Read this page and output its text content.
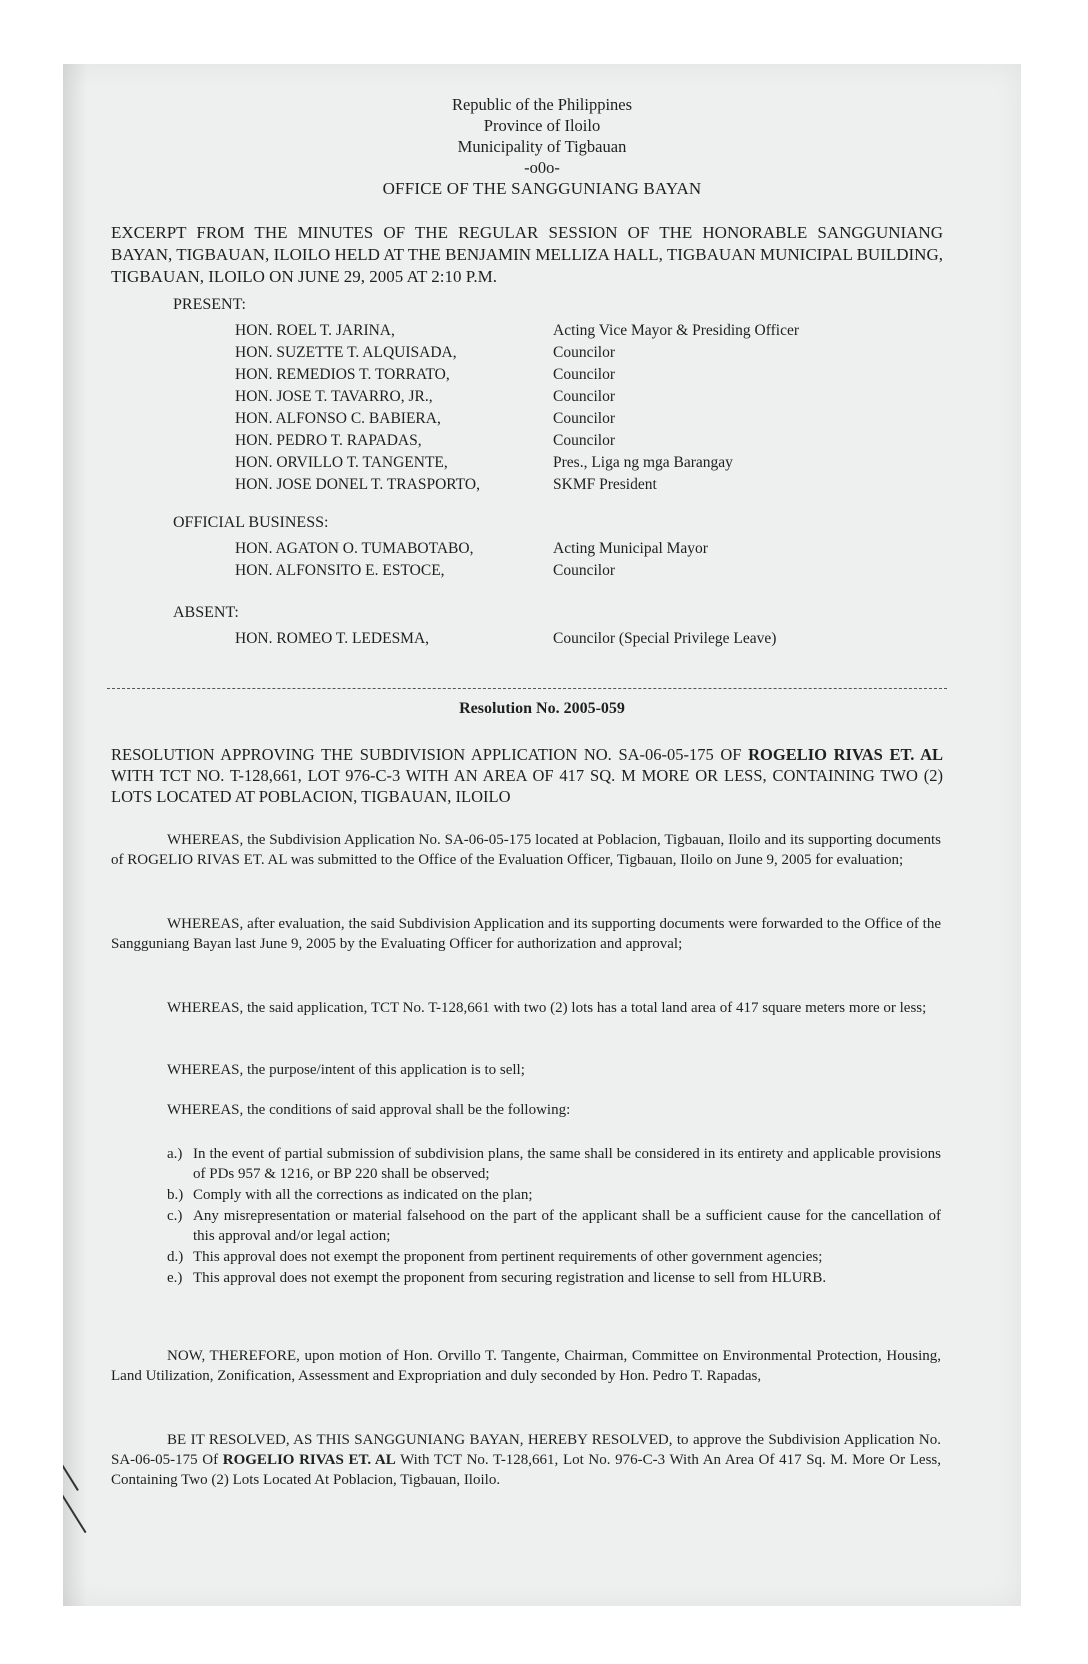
Republic of the Philippines
Province of Iloilo
Municipality of Tigbauan
-o0o-
OFFICE OF THE SANGGUNIANG BAYAN
EXCERPT FROM THE MINUTES OF THE REGULAR SESSION OF THE HONORABLE SANGGUNIANG BAYAN, TIGBAUAN, ILOILO HELD AT THE BENJAMIN MELLIZA HALL, TIGBAUAN MUNICIPAL BUILDING, TIGBAUAN, ILOILO ON JUNE 29, 2005 AT 2:10 P.M.
PRESENT:
HON. ROEL T. JARINA,	Acting Vice Mayor & Presiding Officer
HON. SUZETTE T. ALQUISADA,	Councilor
HON. REMEDIOS T. TORRATO,	Councilor
HON. JOSE T. TAVARRO, JR.,	Councilor
HON. ALFONSO C. BABIERA,	Councilor
HON. PEDRO T. RAPADAS,	Councilor
HON. ORVILLO T. TANGENTE,	Pres., Liga ng mga Barangay
HON. JOSE DONEL T. TRASPORTO,	SKMF President
OFFICIAL BUSINESS:
HON. AGATON O. TUMABOTABO,	Acting Municipal Mayor
HON. ALFONSITO E. ESTOCE,	Councilor
ABSENT:
HON. ROMEO T. LEDESMA,	Councilor (Special Privilege Leave)
Resolution No. 2005-059
RESOLUTION APPROVING THE SUBDIVISION APPLICATION NO. SA-06-05-175 OF ROGELIO RIVAS ET. AL WITH TCT NO. T-128,661, LOT 976-C-3 WITH AN AREA OF 417 SQ. M MORE OR LESS, CONTAINING TWO (2) LOTS LOCATED AT POBLACION, TIGBAUAN, ILOILO
WHEREAS, the Subdivision Application No. SA-06-05-175 located at Poblacion, Tigbauan, Iloilo and its supporting documents of ROGELIO RIVAS ET. AL was submitted to the Office of the Evaluation Officer, Tigbauan, Iloilo on June 9, 2005 for evaluation;
WHEREAS, after evaluation, the said Subdivision Application and its supporting documents were forwarded to the Office of the Sangguniang Bayan last June 9, 2005 by the Evaluating Officer for authorization and approval;
WHEREAS, the said application, TCT No. T-128,661 with two (2) lots has a total land area of 417 square meters more or less;
WHEREAS, the purpose/intent of this application is to sell;
WHEREAS, the conditions of said approval shall be the following:
a.) In the event of partial submission of subdivision plans, the same shall be considered in its entirety and applicable provisions of PDs 957 & 1216, or BP 220 shall be observed;
b.) Comply with all the corrections as indicated on the plan;
c.) Any misrepresentation or material falsehood on the part of the applicant shall be a sufficient cause for the cancellation of this approval and/or legal action;
d.) This approval does not exempt the proponent from pertinent requirements of other government agencies;
e.) This approval does not exempt the proponent from securing registration and license to sell from HLURB.
NOW, THEREFORE, upon motion of Hon. Orvillo T. Tangente, Chairman, Committee on Environmental Protection, Housing, Land Utilization, Zonification, Assessment and Expropriation and duly seconded by Hon. Pedro T. Rapadas,
BE IT RESOLVED, AS THIS SANGGUNIANG BAYAN, HEREBY RESOLVED, to approve the Subdivision Application No. SA-06-05-175 Of ROGELIO RIVAS ET. AL With TCT No. T-128,661, Lot No. 976-C-3 With An Area Of 417 Sq. M. More Or Less, Containing Two (2) Lots Located At Poblacion, Tigbauan, Iloilo.
